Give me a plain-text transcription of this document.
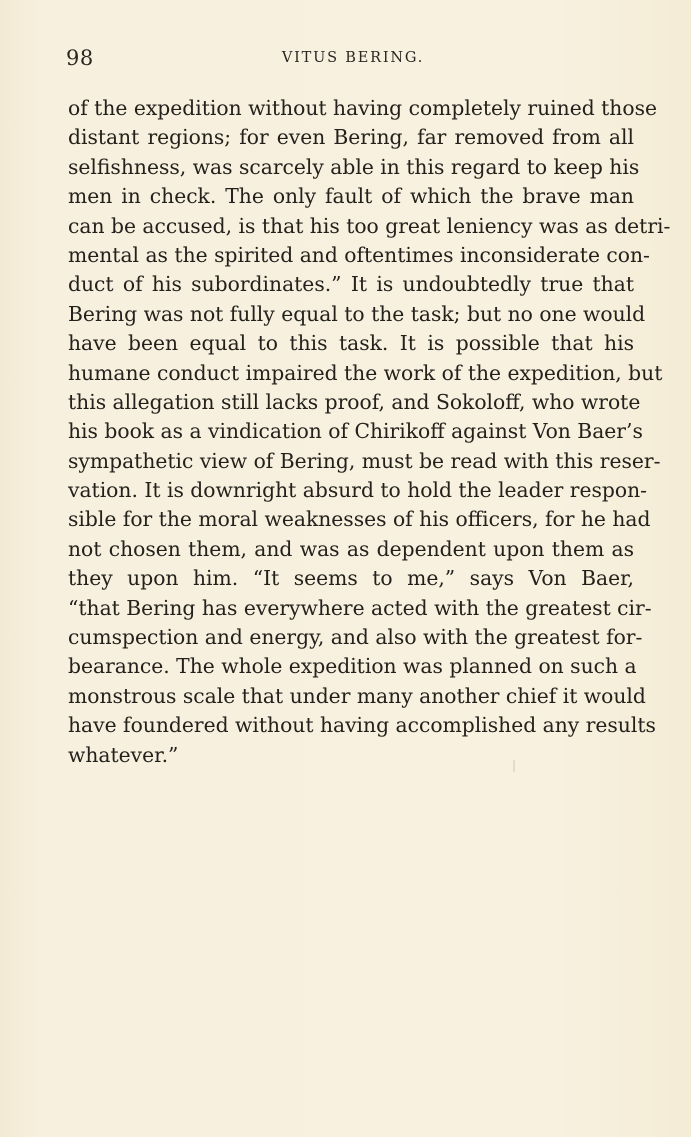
98	VITUS BERING.
of the expedition without having completely ruined those
distant regions; for even Bering, far removed from all
selfishness, was scarcely able in this regard to keep his
men in check. The only fault of which the brave man
can be accused, is that his too great leniency was as detri-
mental as the spirited and oftentimes inconsiderate con-
duct of his subordinates.” It is undoubtedly true that
Bering was not fully equal to the task; but no one would
have been equal to this task. It is possible that his
humane conduct impaired the work of the expedition, but
this allegation still lacks proof, and Sokoloff, who wrote
his book as a vindication of Chirikoff against Von Baer’s
sympathetic view of Bering, must be read with this reser-
vation. It is downright absurd to hold the leader respon-
sible for the moral weaknesses of his officers, for he had
not chosen them, and was as dependent upon them as
they upon him. “It seems to me,” says Von Baer,
“that Bering has everywhere acted with the greatest cir-
cumspection and energy, and also with the greatest for-
bearance. The whole expedition was planned on such a
monstrous scale that under many another chief it would
have foundered without having accomplished any results
whatever.”
